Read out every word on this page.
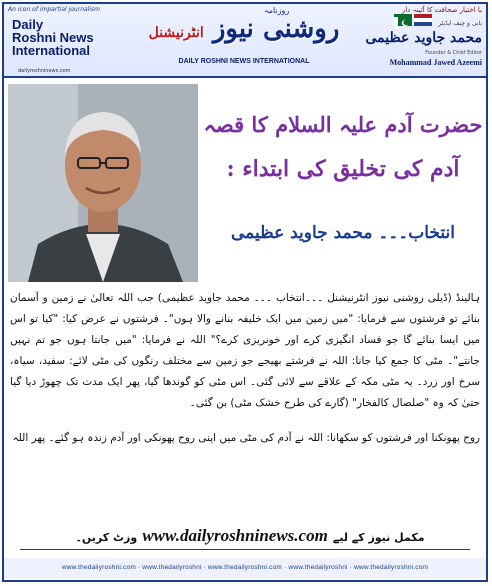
An icon of impartial journalism
Daily
Roshni News
International
dailyroshninews.com
روزنامہ
روشنی نیوز انٹرنیشنل
DAILY ROSHNI NEWS INTERNATIONAL
با اختیار صحافت کا آئینہ دار
بانی و چیف ایڈیٹر
محمد جاوید عظیمی
Founder & Chief Editor
Mohammad Jawed Azeemi
حضرت آدم علیہ السلام کا قصہ
آدم کی تخلیق کی ابتداء :
انتخاب۔۔۔ محمد جاوید عظیمی

ہالینڈ (ڈیلی روشنی نیوز انٹرنیشنل ۔۔۔انتخاب ۔۔۔ محمد جاوید عظیمی) جب اللہ تعالیٰ نے زمین و آسمان بنائے تو فرشتوں سے فرمایا: "میں زمین میں ایک خلیفہ بنانے والا ہوں"۔ فرشتوں نے عرض کیا: "کیا تو اس میں ایسا بنائے گا جو فساد انگیزی کرے اور خونریزی کرے؟" اللہ نے فرمایا: "میں جانتا ہوں جو تم نہیں جانتے"۔ مٹی کا جمع کیا جانا: اللہ نے فرشتے بھیجے جو زمین سے مختلف رنگوں کی مٹی لائے: سفید، سیاہ، سرخ اور زرد۔ یہ مٹی مکہ کے علاقے سے لائی گئی۔ اس مٹی کو گوندھا گیا، پھر ایک مدت تک چھوڑ دیا گیا حتیٰ کہ وہ "صلصال کالفخار" (گارے کی طرح خشک مٹی) بن گئی۔

روح پھونکنا اور فرشتوں کو سکھانا: اللہ نے آدم کی مٹی میں اپنی روح پھونکی اور آدم زندہ ہو گئے۔ پھر اللہ

وزٹ کریں۔ www.dailyroshninews.com مکمل نیوز کے لیے
www.thedailyroshni.com · www.thedailyroshni · www.thedailyroshni.com · www.thedailyroshni · www.thedailyroshni.com
